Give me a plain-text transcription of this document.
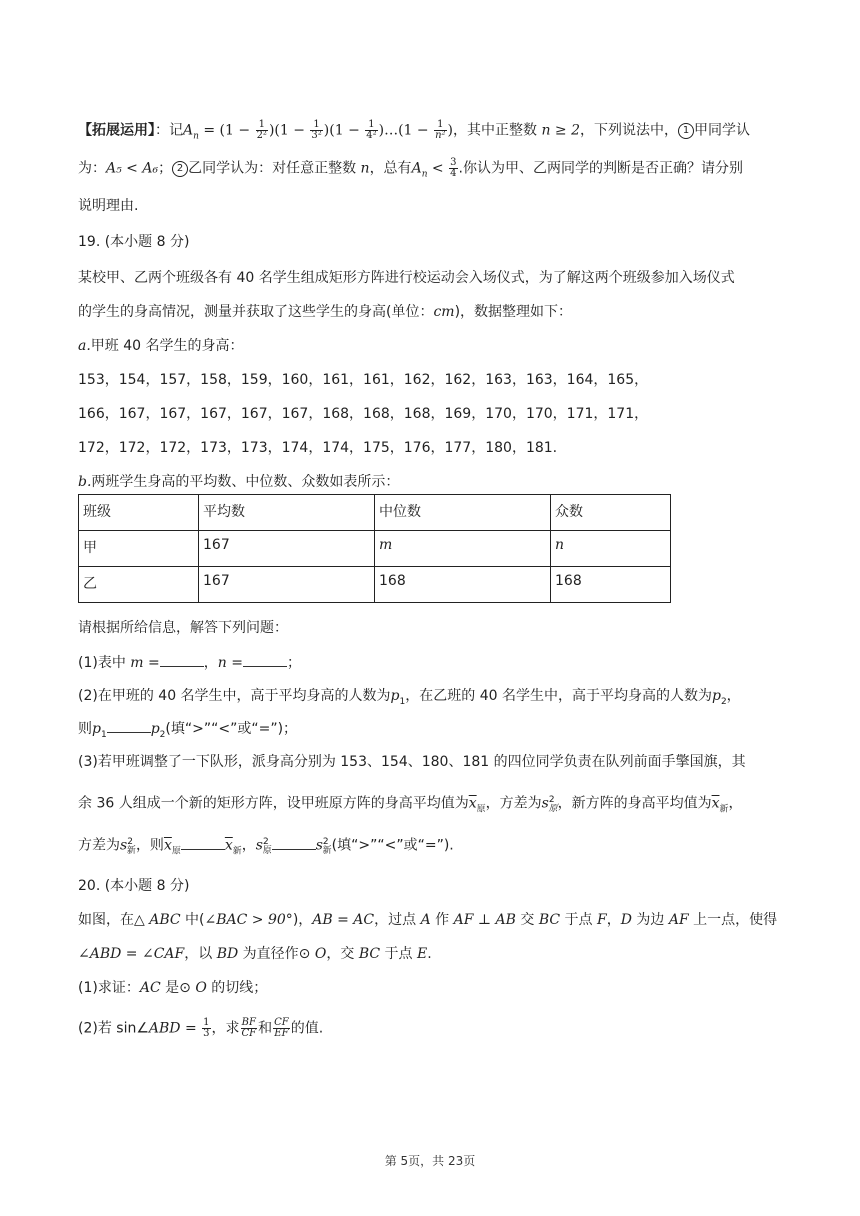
【拓展运用】：记$A_n = (1 - \frac{1}{\text{2²}} )(1 - \frac{1}{\text{3²}} )(1 - \frac{1}{\text{4²}}$ )…(1 − $\frac{1}{\text{n²}}$ )，其中正整数 n ≥ 2，下列说法中， 1 甲同学认
为：A₅ < A₆； 2 乙同学认为：对任意正整数 n，总有$A_n < \frac{3}{4}$ .你认为甲、乙两同学的判断是否正确？请分别
说明理由.
19. (本小题 8 分)
某校甲、乙两个班级各有 40 名学生组成矩形方阵进行校运动会入场仪式，为了解这两个班级参加入场仪式
的学生的身高情况，测量并获取了这些学生的身高(单位：cm)，数据整理如下：
a.甲班 40 名学生的身高：
153，154，157，158，159，160，161，161，162，162，163，163，164，165，
166，167，167，167，167，167，168，168，168，169，170，170，171，171，
172，172，172，173，173，174，174，175，176，177，180，181.
b.两班学生身高的平均数、中位数、众数如表所示：
班级	平均数	中位数	众数
甲	167	m	n
乙	167	168	168
请根据所给信息，解答下列问题：
(1)表中 m =	，n =	；
(2)在甲班的 40 名学生中，高于平均身高的人数为$p_1$，在乙班的 40 名学生中，高于平均身高的人数为$p_2$，
则$p_1$	$p_2$(填“>”“<”或“=”)；
(3)若甲班调整了一下队形，派身高分别为 153、154、180、181 的四位同学负责在队列前面手擎国旗，其
余 36 人组成一个新的矩形方阵，设甲班原方阵的身高平均值为$\overline{x}_原$，方差为$s^2_原$，新方阵的身高平均值为$\overline{x}_新$，
方差为$s^2_新$，则$\overline{x}_原$	$\overline{x}_新$，$s^2_原$	$s^2_新$(填“>”“<”或“=”).
20. (本小题 8 分)
如图，在△ ABC 中(∠BAC > 90°)，AB = AC，过点 A 作 AF ⊥ AB 交 BC 于点 F，D 为边 AF 上一点，使得
∠ABD = ∠CAF，以 BD 为直径作⊙ O，交 BC 于点 E.
(1)求证：AC 是⊙ O 的切线；
(2)若 sin∠ABD = $\frac{1}{3}$ ，求 $\frac{BF}{CF}$ 和 $\frac{CF}{EF}$ 的值.
第 5页，共 23页
